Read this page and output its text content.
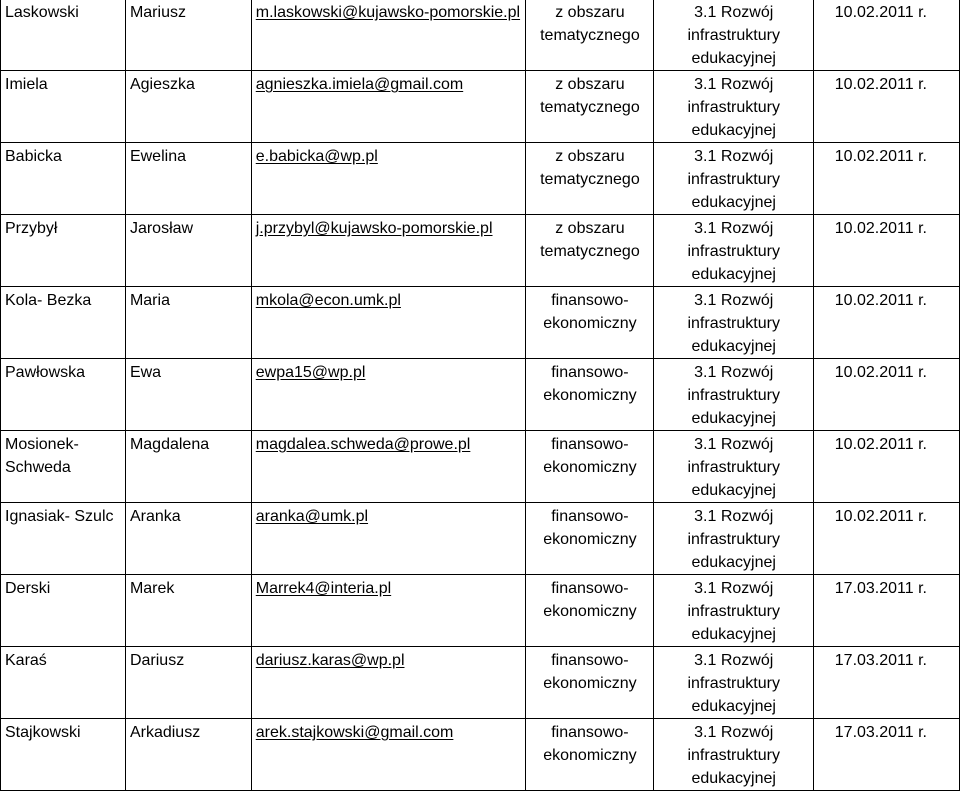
Laskowski	Mariusz	m.laskowski@kujawsko-pomorskie.pl	z obszaru
tematycznego	3.1 Rozwój
infrastruktury
edukacyjnej	10.02.2011 r.

Imiela	Agieszka	agnieszka.imiela@gmail.com	z obszaru
tematycznego	3.1 Rozwój
infrastruktury
edukacyjnej	10.02.2011 r.

Babicka	Ewelina	e.babicka@wp.pl	z obszaru
tematycznego	3.1 Rozwój
infrastruktury
edukacyjnej	10.02.2011 r.

Przybył	Jarosław	j.przybyl@kujawsko-pomorskie.pl	z obszaru
tematycznego	3.1 Rozwój
infrastruktury
edukacyjnej	10.02.2011 r.

Kola- Bezka	Maria	mkola@econ.umk.pl	finansowo-
ekonomiczny	3.1 Rozwój
infrastruktury
edukacyjnej	10.02.2011 r.

Pawłowska	Ewa	ewpa15@wp.pl	finansowo-
ekonomiczny	3.1 Rozwój
infrastruktury
edukacyjnej	10.02.2011 r.

Mosionek-
Schweda	Magdalena	magdalea.schweda@prowe.pl	finansowo-
ekonomiczny	3.1 Rozwój
infrastruktury
edukacyjnej	10.02.2011 r.

Ignasiak- Szulc	Aranka	aranka@umk.pl	finansowo-
ekonomiczny	3.1 Rozwój
infrastruktury
edukacyjnej	10.02.2011 r.

Derski	Marek	Marrek4@interia.pl	finansowo-
ekonomiczny	3.1 Rozwój
infrastruktury
edukacyjnej	17.03.2011 r.

Karaś	Dariusz	dariusz.karas@wp.pl	finansowo-
ekonomiczny	3.1 Rozwój
infrastruktury
edukacyjnej	17.03.2011 r.

Stajkowski	Arkadiusz	arek.stajkowski@gmail.com	finansowo-
ekonomiczny	3.1 Rozwój
infrastruktury
edukacyjnej	17.03.2011 r.
